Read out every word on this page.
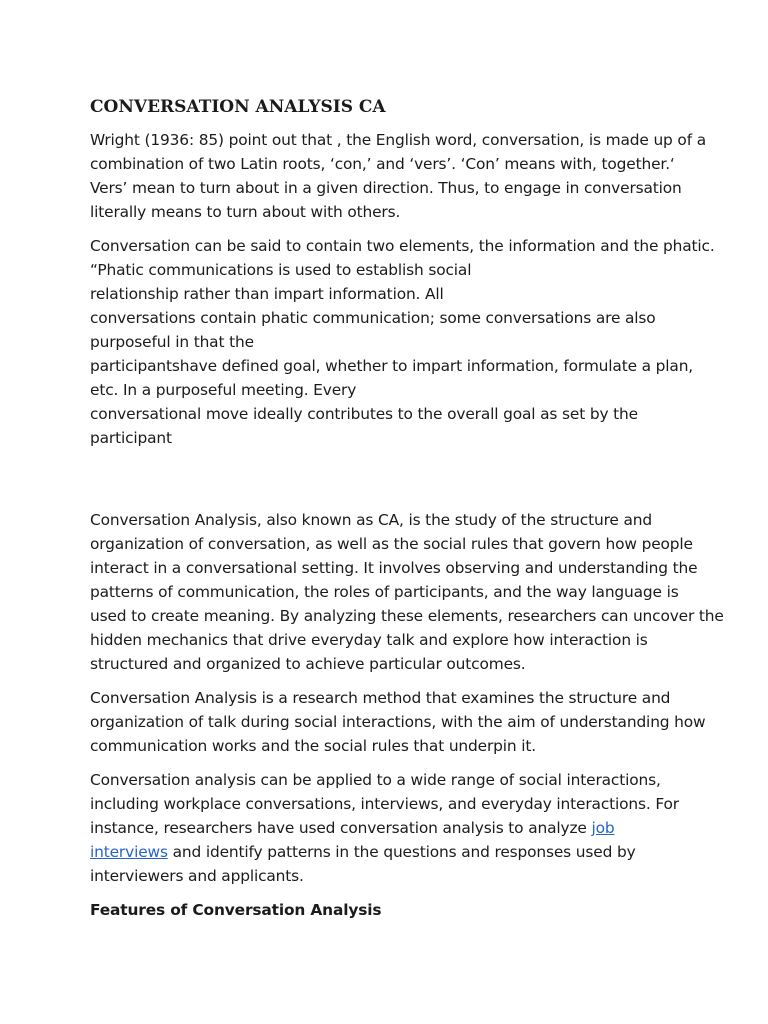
CONVERSATION ANALYSIS CA

Wright (1936: 85) point out that , the English word, conversation, is made up of a
combination of two Latin roots, ‘con,’ and ‘vers’. ‘Con’ means with, together.‘
Vers’ mean to turn about in a given direction. Thus, to engage in conversation
literally means to turn about with others.

Conversation can be said to contain two elements, the information and the phatic.
“Phatic communications is used to establish social
relationship rather than impart information. All
conversations contain phatic communication; some conversations are also
purposeful in that the
participantshave defined goal, whether to impart information, formulate a plan,
etc. In a purposeful meeting. Every
conversational move ideally contributes to the overall goal as set by the
participant

Conversation Analysis, also known as CA, is the study of the structure and
organization of conversation, as well as the social rules that govern how people
interact in a conversational setting. It involves observing and understanding the
patterns of communication, the roles of participants, and the way language is
used to create meaning. By analyzing these elements, researchers can uncover the
hidden mechanics that drive everyday talk and explore how interaction is
structured and organized to achieve particular outcomes.

Conversation Analysis is a research method that examines the structure and
organization of talk during social interactions, with the aim of understanding how
communication works and the social rules that underpin it.

Conversation analysis can be applied to a wide range of social interactions,
including workplace conversations, interviews, and everyday interactions. For
instance, researchers have used conversation analysis to analyze job
interviews and identify patterns in the questions and responses used by
interviewers and applicants.

Features of Conversation Analysis
